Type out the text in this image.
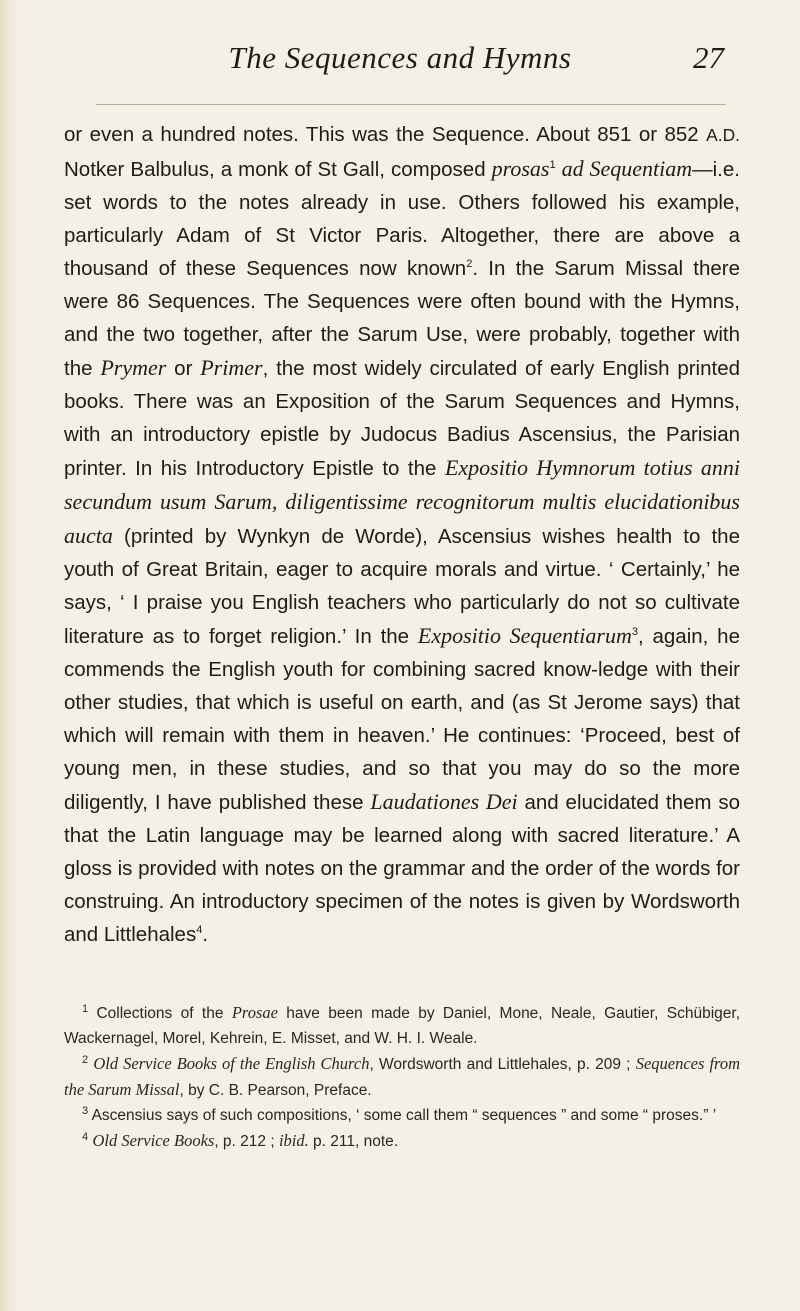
The Sequences and Hymns	27

or even a hundred notes. This was the Sequence. About 851 or 852 A.D. Notker Balbulus, a monk of St Gall, composed prosas$^1$ ad Sequentiam—i.e. set words to the notes already in use. Others followed his example, particularly Adam of St Victor Paris. Altogether, there are above a thousand of these Sequences now known$^2$. In the Sarum Missal there were 86 Sequences. The Sequences were often bound with the Hymns, and the two together, after the Sarum Use, were probably, together with the Prymer or Primer, the most widely circulated of early English printed books. There was an Exposition of the Sarum Sequences and Hymns, with an introductory epistle by Judocus Badius Ascensius, the Parisian printer. In his Introductory Epistle to the Expositio Hymnorum totius anni secundum usum Sarum, diligentissime recognitorum multis elucidationibus aucta (printed by Wynkyn de Worde), Ascensius wishes health to the youth of Great Britain, eager to acquire morals and virtue. ‘ Certainly,’ he says, ‘ I praise you English teachers who particularly do not so cultivate literature as to forget religion.’ In the Expositio Sequentiarum$^3$, again, he commends the English youth for combining sacred know-ledge with their other studies, that which is useful on earth, and (as St Jerome says) that which will remain with them in heaven.’ He continues: ‘Proceed, best of young men, in these studies, and so that you may do so the more diligently, I have published these Laudationes Dei and elucidated them so that the Latin language may be learned along with sacred literature.’ A gloss is provided with notes on the grammar and the order of the words for construing. An introductory specimen of the notes is given by Wordsworth and Littlehales$^4$.

$^1$ Collections of the Prosae have been made by Daniel, Mone, Neale, Gautier, Schübiger, Wackernagel, Morel, Kehrein, E. Misset, and W. H. I. Weale.

$^2$ Old Service Books of the English Church, Wordsworth and Littlehales, p. 209 ; Sequences from the Sarum Missal, by C. B. Pearson, Preface.

$^3$ Ascensius says of such compositions, ‘ some call them “ sequences ” and some “ proses.” ’

$^4$ Old Service Books, p. 212 ; ibid. p. 211, note.
